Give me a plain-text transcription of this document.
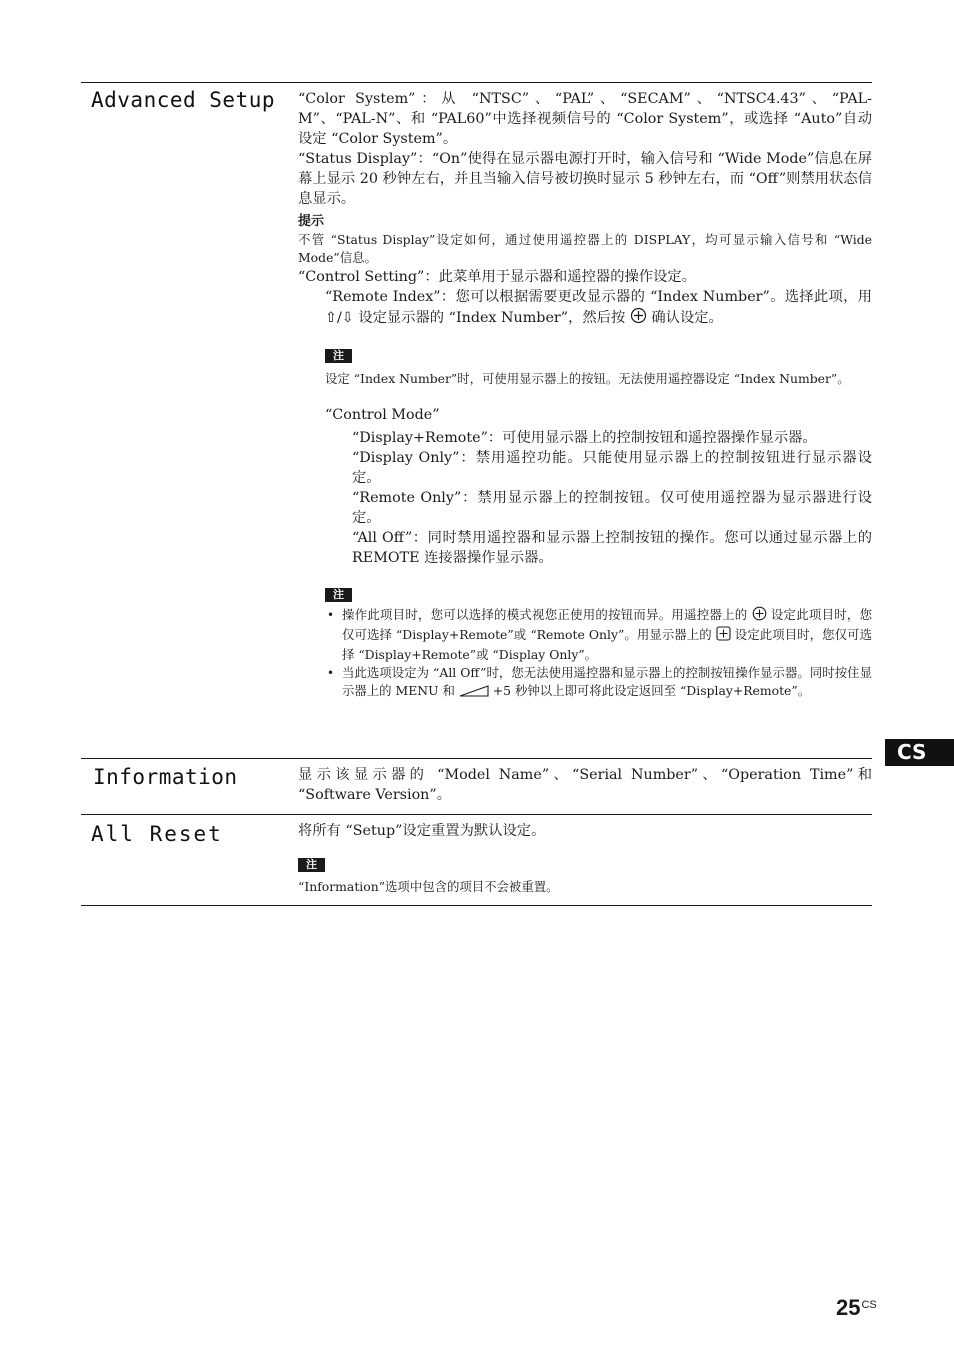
Advanced Setup “Color System”：从 “NTSC”、“PAL”、“SECAM”、“NTSC4.43”、“PAL-M”、“PAL-N”、和 “PAL60”中选择视频信号的 “Color System”，或选择 “Auto”自动设定 “Color System”。

“Status Display”：“On”使得在显示器电源打开时，输入信号和 “Wide Mode”信息在屏幕上显示 20 秒钟左右，并且当输入信号被切换时显示 5 秒钟左右，而 “Off”则禁用状态信息显示。

提示

不管 “Status Display”设定如何，通过使用遥控器上的 DISPLAY，均可显示输入信号和 “Wide Mode”信息。

“Control Setting”：此菜单用于显示器和遥控器的操作设定。

“Remote Index”：您可以根据需要更改显示器的 “Index Number”。选择此项，用 ⇧/⇩ 设定显示器的 “Index Number”，然后按  确认设定。

注

设定 “Index Number”时，可使用显示器上的按钮。无法使用遥控器设定 “Index Number”。

“Control Mode”

“Display+Remote”：可使用显示器上的控制按钮和遥控器操作显示器。

“Display Only”：禁用遥控功能。只能使用显示器上的控制按钮进行显示器设定。

“Remote Only”：禁用显示器上的控制按钮。仅可使用遥控器为显示器进行设定。

“All Off”：同时禁用遥控器和显示器上控制按钮的操作。您可以通过显示器上的 REMOTE 连接器操作显示器。

注
• 操作此项目时，您可以选择的模式视您正使用的按钮而异。用遥控器上的  设定此项目时，您仅可选择 “Display+Remote”或 “Remote Only”。用显示器上的  设定此项目时，您仅可选择 “Display+Remote”或 “Display Only”。
• 当此选项设定为 “All Off”时，您无法使用遥控器和显示器上的控制按钮操作显示器。同时按住显示器上的 MENU 和  +5 秒钟以上即可将此设定返回至 “Display+Remote”。
Information	显示该显示器的 “Model Name”、“Serial Number”、“Operation Time”和 “Software Version”。

All Reset	将所有 “Setup”设定重置为默认设定。

注

“Information”选项中包含的项目不会被重置。

CS
$25^{CS}$
